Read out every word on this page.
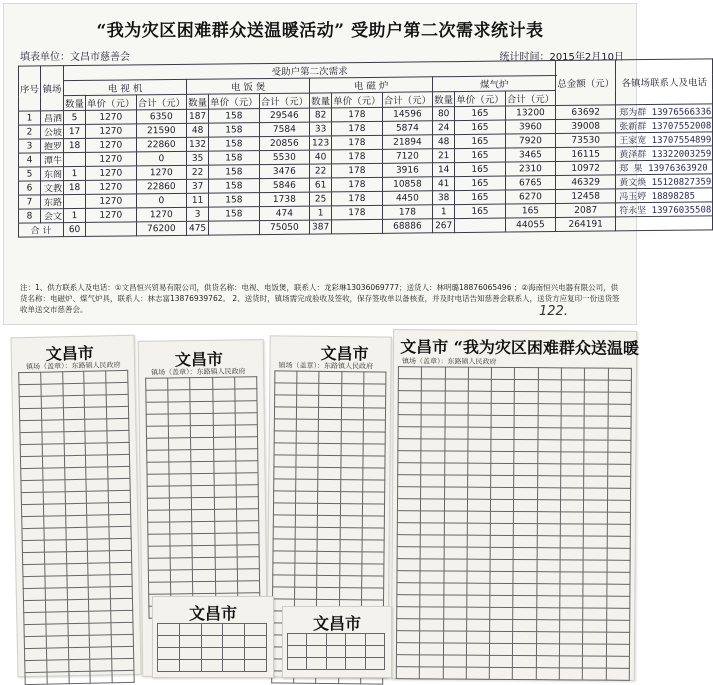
“我为灾区困难群众送温暖活动” 受助户第二次需求统计表
填表单位：文昌市慈善会	统计时间：2015年2月10日
序号	镇场	受助户第二次需求												总金额（元）	各镇场联系人及电话
		电 视 机			电 饭 煲			电 磁 炉			煤气炉				
		数量	单价（元）	合计（元）	数量	单价（元）	合计（元）	数量	单价（元）	合计（元）	数量	单价（元）	合计（元）		
1	昌洒	5	1270	6350	187	158	29546	82	178	14596	80	165	13200	63692	郑为群 13976566336
2	公坡	17	1270	21590	48	158	7584	33	178	5874	24	165	3960	39008	张新群 13707552008
3	抱罗	18	1270	22860	132	158	20856	123	178	21894	48	165	7920	73530	王家宽 13707554899
4	潭牛		1270	0	35	158	5530	40	178	7120	21	165	3465	16115	黄泽群 13322003259
5	东阁	1	1270	1270	22	158	3476	22	178	3916	14	165	2310	10972	郑 果 13976363920
6	文教	18	1270	22860	37	158	5846	61	178	10858	41	165	6765	46329	黄文焕 15120827359
7	东路		1270	0	11	158	1738	25	178	4450	38	165	6270	12458	冯玉婷 18898285
8	会文	1	1270	1270	3	158	474	1	178	178	1	165	165	2087	符永坚 13976035508
合 计		60		76200	475		75050	387		68886	267		44055	264191	
注：1、供方联系人及电话：①文昌恒兴贸易有限公司，供货名称：电视、电饭煲，联系人：龙彩琳13036069777；送货人：林明璐18876065496 ；②海南恒兴电器有限公司，供货名称：电磁炉、煤气炉具，联系人：林志富13876939762。 2、送货时，镇场需完成验收及签收，保存签收单以备核查，并及时电话告知慈善会联系人，送货方应复印一份送货签收单送交市慈善会。	122.
文昌市
镇场（盖章）：东路镇人民政府

					文昌市
镇场（盖章）：东路镇人民政府

文昌市
镇场（盖章）：东路镇人民政府

文昌市 “我为灾区困难群众送温暖
镇场（盖章）：东路镇人民政府

文昌市

文昌市
